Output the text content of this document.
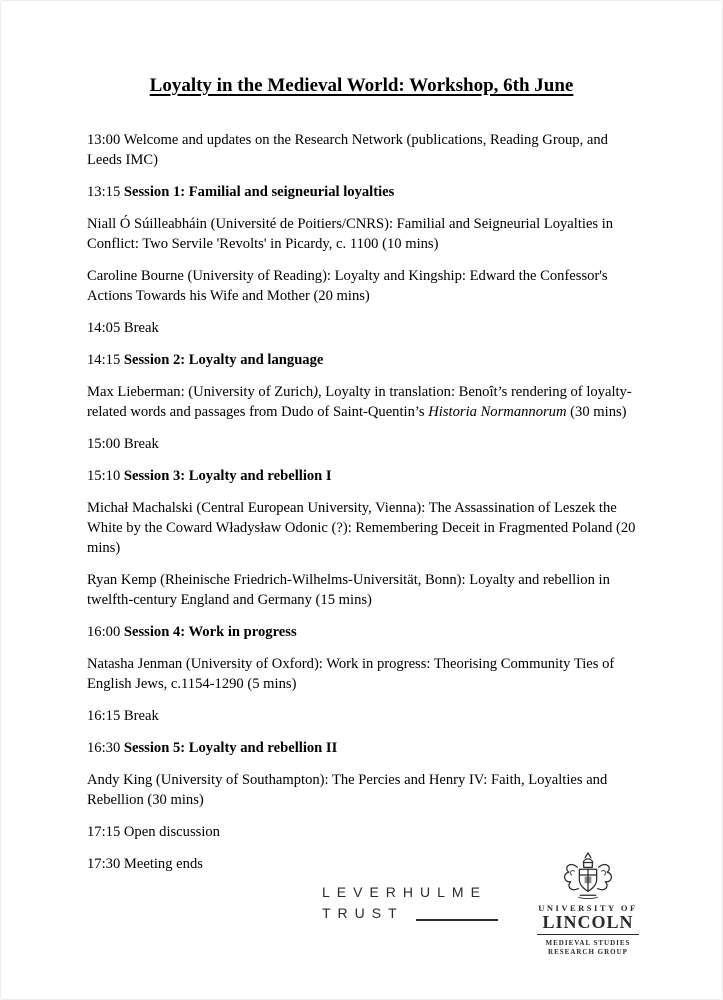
Loyalty in the Medieval World: Workshop, 6th June

13:00 Welcome and updates on the Research Network (publications, Reading Group, and Leeds IMC)

13:15 Session 1: Familial and seigneurial loyalties

Niall Ó Súilleabháin (Université de Poitiers/CNRS): Familial and Seigneurial Loyalties in Conflict: Two Servile 'Revolts' in Picardy, c. 1100 (10 mins)

Caroline Bourne (University of Reading): Loyalty and Kingship: Edward the Confessor's Actions Towards his Wife and Mother (20 mins)

14:05 Break

14:15 Session 2: Loyalty and language

Max Lieberman: (University of Zurich), Loyalty in translation: Benoît’s rendering of loyalty-related words and passages from Dudo of Saint-Quentin’s Historia Normannorum (30 mins)

15:00 Break

15:10 Session 3: Loyalty and rebellion I

Michał Machalski (Central European University, Vienna): The Assassination of Leszek the White by the Coward Władysław Odonic (?): Remembering Deceit in Fragmented Poland (20 mins)

Ryan Kemp (Rheinische Friedrich-Wilhelms-Universität, Bonn): Loyalty and rebellion in twelfth-century England and Germany (15 mins)

16:00 Session 4: Work in progress

Natasha Jenman (University of Oxford): Work in progress: Theorising Community Ties of English Jews, c.1154-1290 (5 mins)

16:15 Break

16:30 Session 5: Loyalty and rebellion II

Andy King (University of Southampton): The Percies and Henry IV: Faith, Loyalties and Rebellion (30 mins)

17:15 Open discussion

17:30 Meeting ends

LEVERHULME
TRUST	UNIVERSITY OF
LINCOLN
MEDIEVAL STUDIES
RESEARCH GROUP
